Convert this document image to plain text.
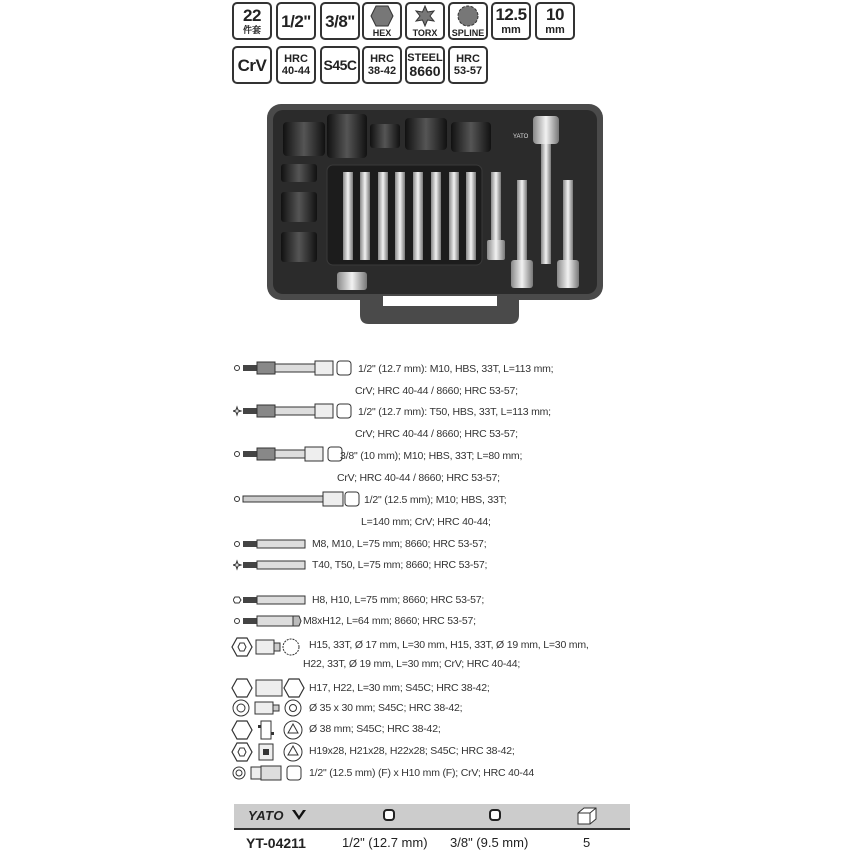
22
件套 1/2" 3/8"
HEX TORX SPLINE
12.5
mm
10
mm
CrV HRC
40-44 S45C HRC
38-42
STEEL
8660
HRC
53-57
YATO
1/2" (12.7 mm): M10, HBS, 33T, L=113 mm;
CrV; HRC 40-44 / 8660; HRC 53-57;
1/2" (12.7 mm): T50, HBS, 33T, L=113 mm;
CrV; HRC 40-44 / 8660; HRC 53-57;
3/8" (10 mm); M10; HBS, 33T; L=80 mm;
CrV; HRC 40-44 / 8660; HRC 53-57;
1/2" (12.5 mm); M10; HBS, 33T;
L=140 mm; CrV; HRC 40-44;
M8, M10, L=75 mm; 8660; HRC 53-57;
T40, T50, L=75 mm; 8660; HRC 53-57;
H8, H10, L=75 mm; 8660; HRC 53-57;
M8xH12, L=64 mm; 8660; HRC 53-57;
H15, 33T, Ø 17 mm, L=30 mm, H15, 33T, Ø 19 mm, L=30 mm,
H22, 33T, Ø 19 mm, L=30 mm; CrV; HRC 40-44;
H17, H22, L=30 mm; S45C; HRC 38-42;
Ø 35 x 30 mm; S45C; HRC 38-42;
Ø 38 mm; S45C; HRC 38-42;
H19x28, H21x28, H22x28; S45C; HRC 38-42;
1/2" (12.5 mm) (F) x H10 mm (F); CrV; HRC 40-44
YATO
YT-04211	1/2" (12.7 mm) 3/8" (9.5 mm)	5
